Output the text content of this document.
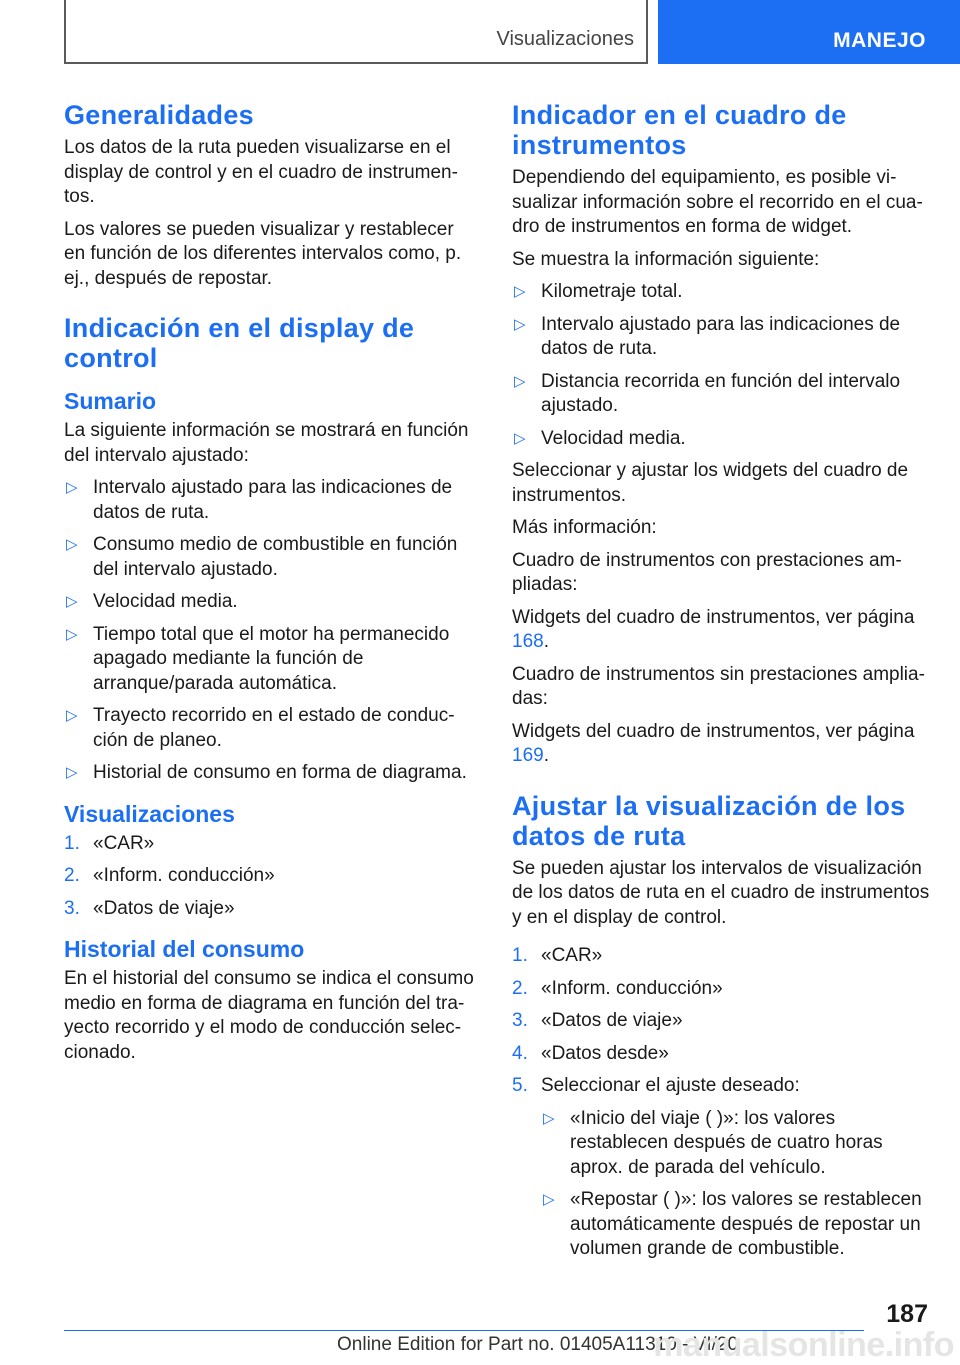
Visualizaciones	MANEJO
Generalidades

Los datos de la ruta pueden visualizarse en el display de control y en el cuadro de instrumentos.

Los valores se pueden visualizar y restablecer en función de los diferentes intervalos como, p. ej., después de repostar.

Indicación en el display de control
Sumario

La siguiente información se mostrará en función del intervalo ajustado:

▷ Intervalo ajustado para las indicaciones de datos de ruta.
▷ Consumo medio de combustible en función del intervalo ajustado.
▷ Velocidad media.
▷ Tiempo total que el motor ha permanecido apagado mediante la función de arranque/parada automática.
▷ Trayecto recorrido en el estado de conducción de planeo.
▷ Historial de consumo en forma de diagrama.
Visualizaciones
1. «CAR»
2. «Inform. conducción»
3. «Datos de viaje»
Historial del consumo

En el historial del consumo se indica el consumo medio en forma de diagrama en función del trayecto recorrido y el modo de conducción seleccionado.

Indicador en el cuadro de instrumentos

Dependiendo del equipamiento, es posible visualizar información sobre el recorrido en el cuadro de instrumentos en forma de widget.

Se muestra la información siguiente:

▷ Kilometraje total.
▷ Intervalo ajustado para las indicaciones de datos de ruta.
▷ Distancia recorrida en función del intervalo ajustado.
▷ Velocidad media.

Seleccionar y ajustar los widgets del cuadro de instrumentos.

Más información:

Cuadro de instrumentos con prestaciones ampliadas:

Widgets del cuadro de instrumentos, ver página 168.

Cuadro de instrumentos sin prestaciones ampliadas:

Widgets del cuadro de instrumentos, ver página 169.

Ajustar la visualización de los datos de ruta

Se pueden ajustar los intervalos de visualización de los datos de ruta en el cuadro de instrumentos y en el display de control.

1. «CAR»
2. «Inform. conducción»
3. «Datos de viaje»
4. «Datos desde»
5. Seleccionar el ajuste deseado:
▷ «Inicio del viaje ( )»: los valores restablecen después de cuatro horas aprox. de parada del vehículo.
▷ «Repostar ( )»: los valores se restablecen automáticamente después de repostar un volumen grande de combustible.
187
Online Edition for Part no. 01405A11310 - VI/20
manualsonline.info
